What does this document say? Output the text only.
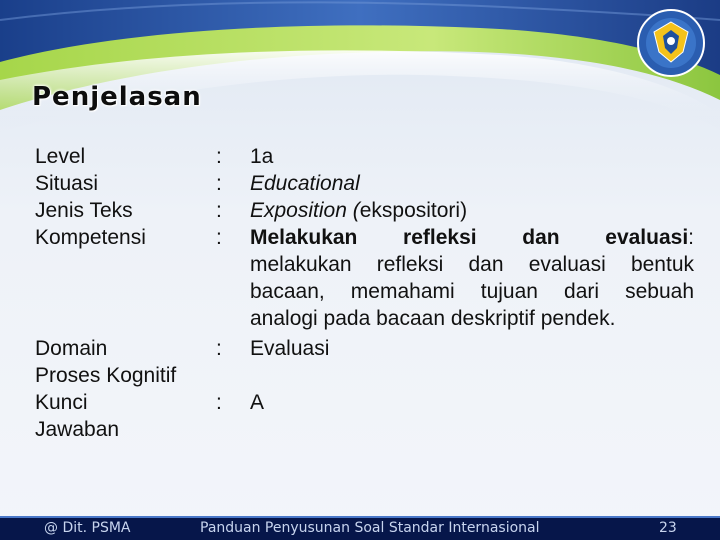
Penjelasan
Level	: 1a
Situasi	: Educational
Jenis Teks	: Exposition (ekspositori)
Kompetensi	: Melakukan refleksi dan evaluasi:
melakukan refleksi dan evaluasi bentuk
bacaan, memahami tujuan dari sebuah
analogi pada bacaan deskriptif pendek.
Domain	: Evaluasi
Proses Kognitif
Kunci	: A
Jawaban
@ Dit. PSMA	Panduan Penyusunan Soal Standar Internasional	23
